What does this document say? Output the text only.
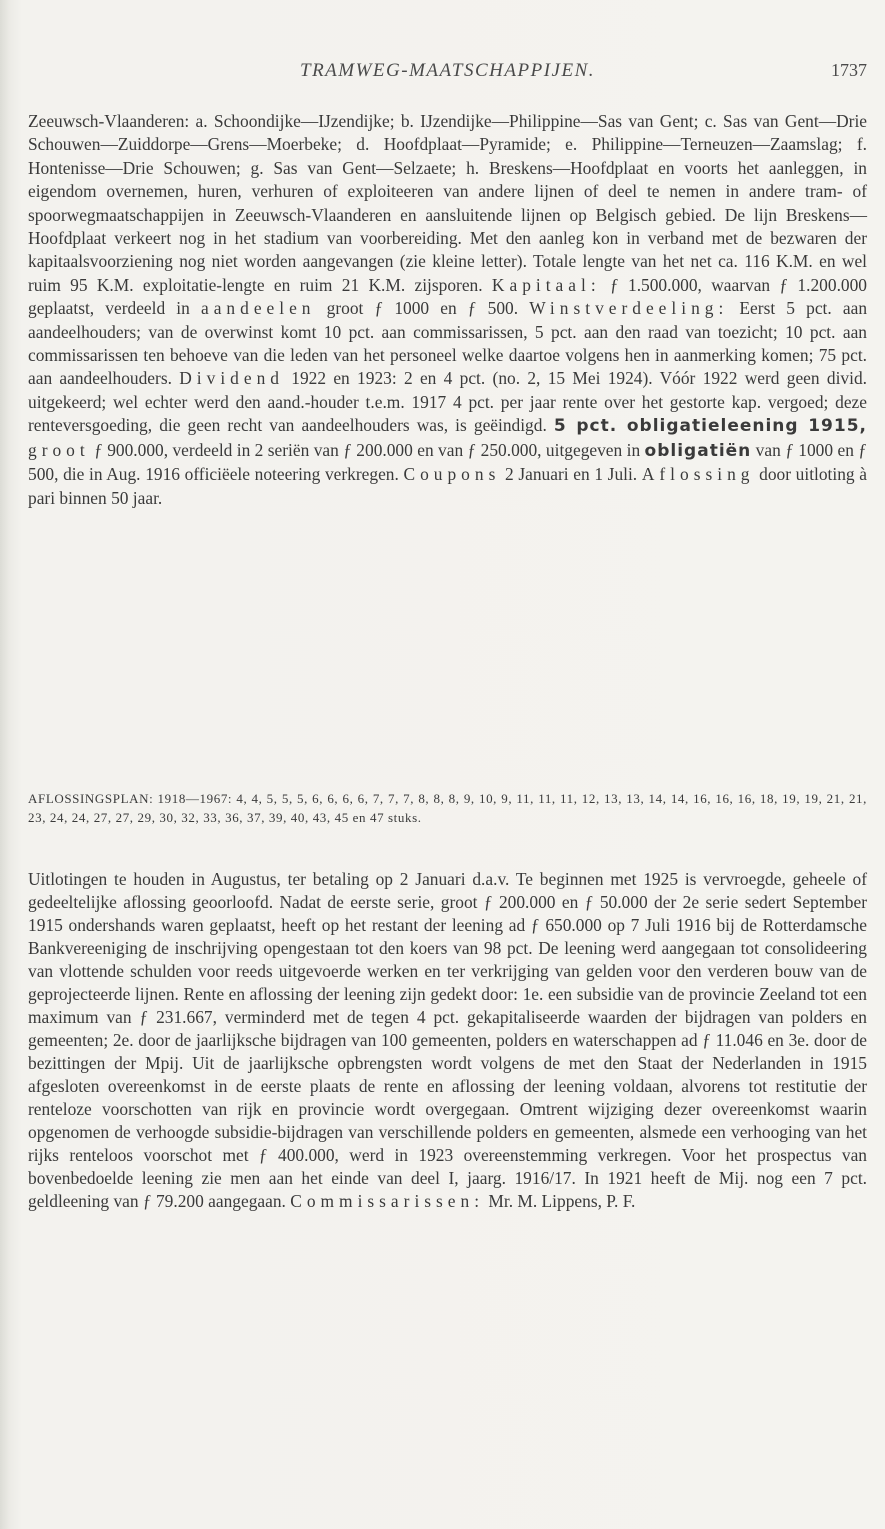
TRAMWEG-MAATSCHAPPIJEN.	1737

Zeeuwsch-Vlaanderen: a. Schoondijke—IJzendijke; b. IJzendijke—Philippine—Sas van Gent; c. Sas van Gent—Drie Schouwen—Zuiddorpe—Grens—Moerbeke; d. Hoofdplaat—Pyramide; e. Philippine—Terneuzen—Zaamslag; f. Hontenisse—Drie Schouwen; g. Sas van Gent—Selzaete; h. Breskens—Hoofdplaat en voorts het aanleggen, in eigendom overnemen, huren, verhuren of exploiteeren van andere lijnen of deel te nemen in andere tram- of spoorwegmaatschappijen in Zeeuwsch-Vlaanderen en aansluitende lijnen op Belgisch gebied. De lijn Breskens—Hoofdplaat verkeert nog in het stadium van voorbereiding. Met den aanleg kon in verband met de bezwaren der kapitaalsvoorziening nog niet worden aangevangen (zie kleine letter). Totale lengte van het net ca. 116 K.M. en wel ruim 95 K.M. exploitatie-lengte en ruim 21 K.M. zijsporen. Kapitaal: ƒ 1.500.000, waarvan ƒ 1.200.000 geplaatst, verdeeld in aandeelen groot ƒ 1000 en ƒ 500. Winstverdeeling: Eerst 5 pct. aan aandeelhouders; van de overwinst komt 10 pct. aan commissarissen, 5 pct. aan den raad van toezicht; 10 pct. aan commissarissen ten behoeve van die leden van het personeel welke daartoe volgens hen in aanmerking komen; 75 pct. aan aandeelhouders. Dividend 1922 en 1923: 2 en 4 pct. (no. 2, 15 Mei 1924). Vóór 1922 werd geen divid. uitgekeerd; wel echter werd den aand.-houder t.e.m. 1917 4 pct. per jaar rente over het gestorte kap. vergoed; deze renteversgoeding, die geen recht van aandeelhouders was, is geëindigd. 5 pct. obligatieleening 1915, groot ƒ 900.000, verdeeld in 2 seriën van ƒ 200.000 en van ƒ 250.000, uitgegeven in obligatiën van ƒ 1000 en ƒ 500, die in Aug. 1916 officiëele noteering verkregen. Coupons 2 Januari en 1 Juli. Aflossing door uitloting à pari binnen 50 jaar.

AFLOSSINGSPLAN: 1918—1967: 4, 4, 5, 5, 5, 6, 6, 6, 6, 7, 7, 7, 8, 8, 8, 9, 10, 9, 11, 11, 11, 12, 13, 13, 14, 14, 16, 16, 16, 18, 19, 19, 21, 21, 23, 24, 24, 27, 27, 29, 30, 32, 33, 36, 37, 39, 40, 43, 45 en 47 stuks.

Uitlotingen te houden in Augustus, ter betaling op 2 Januari d.a.v. Te beginnen met 1925 is vervroegde, geheele of gedeeltelijke aflossing geoorloofd. Nadat de eerste serie, groot ƒ 200.000 en ƒ 50.000 der 2e serie sedert September 1915 ondershands waren geplaatst, heeft op het restant der leening ad ƒ 650.000 op 7 Juli 1916 bij de Rotterdamsche Bankvereeniging de inschrijving opengestaan tot den koers van 98 pct. De leening werd aangegaan tot consolideering van vlottende schulden voor reeds uitgevoerde werken en ter verkrijging van gelden voor den verderen bouw van de geprojecteerde lijnen. Rente en aflossing der leening zijn gedekt door: 1e. een subsidie van de provincie Zeeland tot een maximum van ƒ 231.667, verminderd met de tegen 4 pct. gekapitaliseerde waarden der bijdragen van polders en gemeenten; 2e. door de jaarlijksche bijdragen van 100 gemeenten, polders en waterschappen ad ƒ 11.046 en 3e. door de bezittingen der Mpij. Uit de jaarlijksche opbrengsten wordt volgens de met den Staat der Nederlanden in 1915 afgesloten overeenkomst in de eerste plaats de rente en aflossing der leening voldaan, alvorens tot restitutie der renteloze voorschotten van rijk en provincie wordt overgegaan. Omtrent wijziging dezer overeenkomst waarin opgenomen de verhoogde subsidie-bijdragen van verschillende polders en gemeenten, alsmede een verhooging van het rijks renteloos voorschot met ƒ 400.000, werd in 1923 overeenstemming verkregen. Voor het prospectus van bovenbedoelde leening zie men aan het einde van deel I, jaarg. 1916/17. In 1921 heeft de Mij. nog een 7 pct. geldleening van ƒ 79.200 aangegaan. Commissarissen: Mr. M. Lippens, P. F.
